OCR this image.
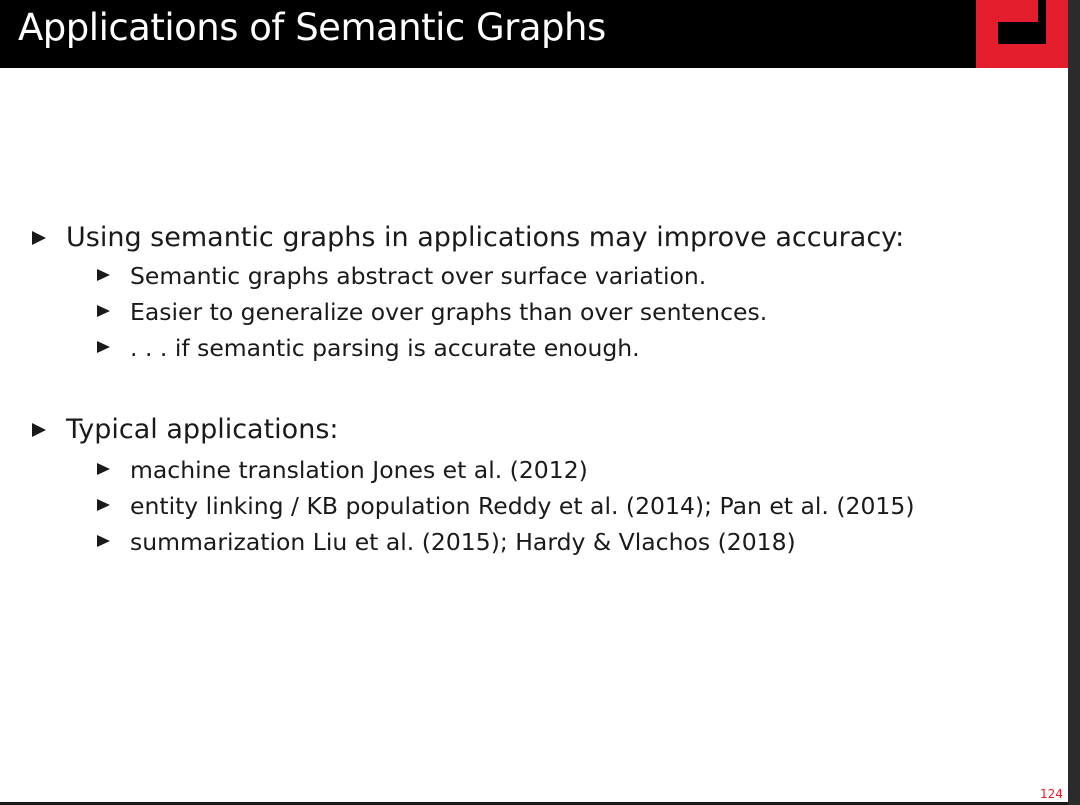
Applications of Semantic Graphs
Using semantic graphs in applications may improve accuracy:
Semantic graphs abstract over surface variation.
Easier to generalize over graphs than over sentences.
. . . if semantic parsing is accurate enough.
Typical applications:
machine translation Jones et al. (2012)
entity linking / KB population Reddy et al. (2014); Pan et al. (2015)
summarization Liu et al. (2015); Hardy & Vlachos (2018)
124
